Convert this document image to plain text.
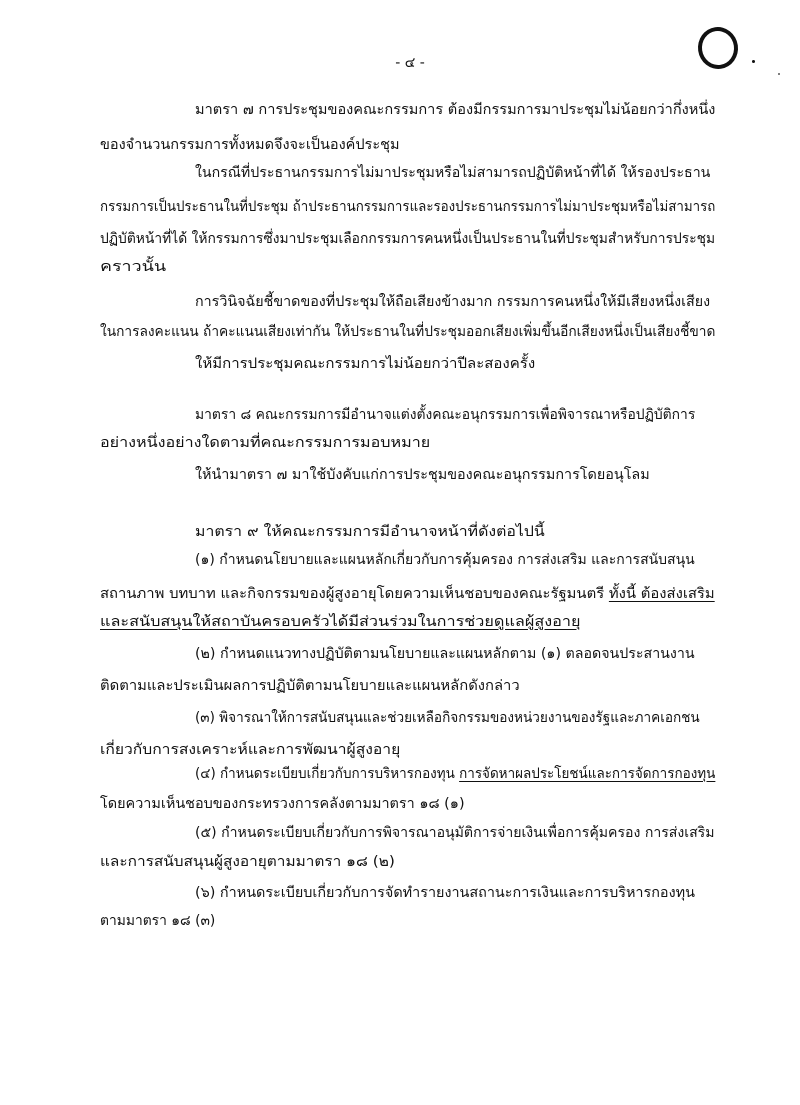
- ๔ -
มาตรา ๗ การประชุมของคณะกรรมการ ต้องมีกรรมการมาประชุมไม่น้อยกว่ากึ่งหนึ่ง
ของจำนวนกรรมการทั้งหมดจึงจะเป็นองค์ประชุม
ในกรณีที่ประธานกรรมการไม่มาประชุมหรือไม่สามารถปฏิบัติหน้าที่ได้ ให้รองประธาน
กรรมการเป็นประธานในที่ประชุม ถ้าประธานกรรมการและรองประธานกรรมการไม่มาประชุมหรือไม่สามารถ
ปฏิบัติหน้าที่ได้ ให้กรรมการซึ่งมาประชุมเลือกกรรมการคนหนึ่งเป็นประธานในที่ประชุมสำหรับการประชุม
คราวนั้น
การวินิจฉัยชี้ขาดของที่ประชุมให้ถือเสียงข้างมาก กรรมการคนหนึ่งให้มีเสียงหนึ่งเสียง
ในการลงคะแนน ถ้าคะแนนเสียงเท่ากัน ให้ประธานในที่ประชุมออกเสียงเพิ่มขึ้นอีกเสียงหนึ่งเป็นเสียงชี้ขาด
ให้มีการประชุมคณะกรรมการไม่น้อยกว่าปีละสองครั้ง
มาตรา ๘ คณะกรรมการมีอำนาจแต่งตั้งคณะอนุกรรมการเพื่อพิจารณาหรือปฏิบัติการ
อย่างหนึ่งอย่างใดตามที่คณะกรรมการมอบหมาย
ให้นำมาตรา ๗ มาใช้บังคับแก่การประชุมของคณะอนุกรรมการโดยอนุโลม
มาตรา ๙ ให้คณะกรรมการมีอำนาจหน้าที่ดังต่อไปนี้
(๑) กำหนดนโยบายและแผนหลักเกี่ยวกับการคุ้มครอง การส่งเสริม และการสนับสนุน
สถานภาพ บทบาท และกิจกรรมของผู้สูงอายุโดยความเห็นชอบของคณะรัฐมนตรี ทั้งนี้ ต้องส่งเสริม
และสนับสนุนให้สถาบันครอบครัวได้มีส่วนร่วมในการช่วยดูแลผู้สูงอายุ
(๒) กำหนดแนวทางปฏิบัติตามนโยบายและแผนหลักตาม (๑) ตลอดจนประสานงาน
ติดตามและประเมินผลการปฏิบัติตามนโยบายและแผนหลักดังกล่าว
(๓) พิจารณาให้การสนับสนุนและช่วยเหลือกิจกรรมของหน่วยงานของรัฐและภาคเอกชน
เกี่ยวกับการสงเคราะห์และการพัฒนาผู้สูงอายุ
(๔) กำหนดระเบียบเกี่ยวกับการบริหารกองทุน การจัดหาผลประโยชน์และการจัดการกองทุน
โดยความเห็นชอบของกระทรวงการคลังตามมาตรา ๑๘ (๑)
(๕) กำหนดระเบียบเกี่ยวกับการพิจารณาอนุมัติการจ่ายเงินเพื่อการคุ้มครอง การส่งเสริม
และการสนับสนุนผู้สูงอายุตามมาตรา ๑๘ (๒)
(๖) กำหนดระเบียบเกี่ยวกับการจัดทำรายงานสถานะการเงินและการบริหารกองทุน
ตามมาตรา ๑๘ (๓)
